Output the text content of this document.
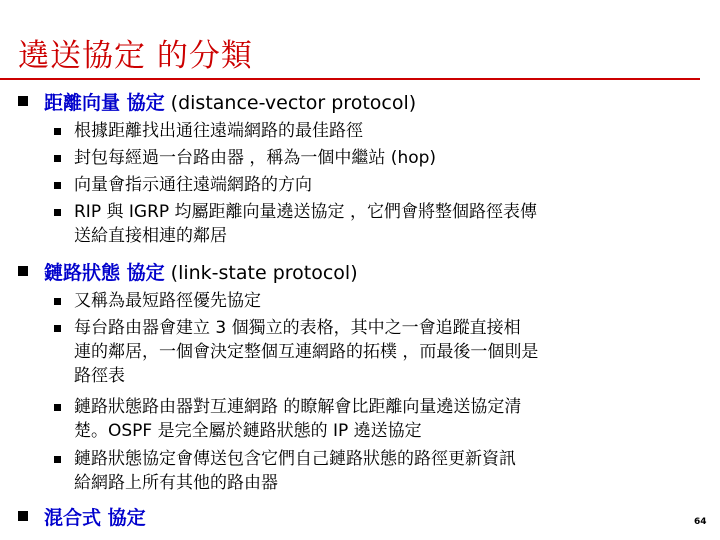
遶送協定 的分類
距離向量 協定 (distance-vector protocol)
根據距離找出通往遠端網路的最佳路徑
封包每經過一台路由器 ，稱為一個中繼站 (hop)
向量會指示通往遠端網路的方向
RIP 與 IGRP 均屬距離向量遶送協定 ，它們會將整個路徑表傳
送給直接相連的鄰居
鏈路狀態 協定 (link-state protocol)
又稱為最短路徑優先協定
每台路由器會建立 3 個獨立的表格，其中之一會追蹤直接相
連的鄰居，一個會決定整個互連網路的拓樸 ，而最後一個則是
路徑表
鏈路狀態路由器對互連網路 的瞭解會比距離向量遶送協定清
楚。OSPF 是完全屬於鏈路狀態的 IP 遶送協定
鏈路狀態協定會傳送包含它們自己鏈路狀態的路徑更新資訊
給網路上所有其他的路由器
混合式 協定	64
